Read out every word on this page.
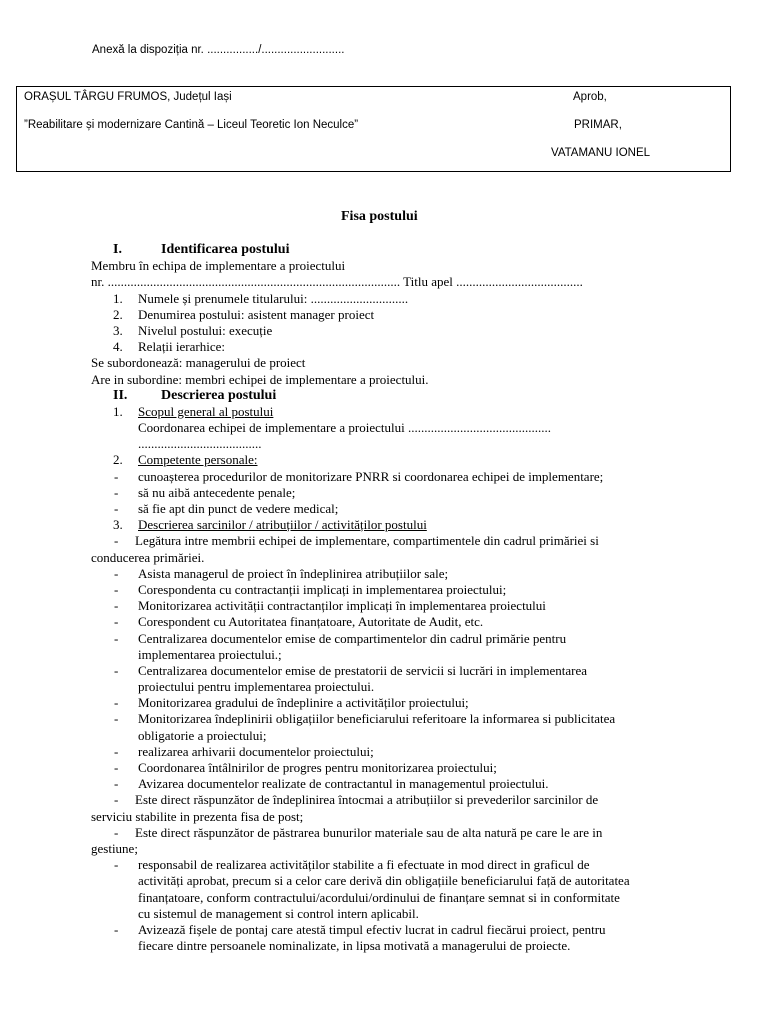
Anexă la dispoziția nr. ................/..........................
ORAȘUL TÂRGU FRUMOS, Județul Iași
”Reabilitare și modernizare Cantină – Liceul Teoretic Ion Neculce”
Aprob,
PRIMAR,
VATAMANU IONEL
Fisa postului
I.	Identificarea postului
Membru în echipa de implementare a proiectului
nr. .......................................................................................... Titlu apel .......................................
1. Numele și prenumele titularului: ..............................
2. Denumirea postului: asistent manager proiect
3. Nivelul postului: execuție
4. Relații ierarhice:
Se subordonează: managerului de proiect
Are in subordine: membri echipei de implementare a proiectului.
II. Descrierea postului
1. Scopul general al postului
Coordonarea echipei de implementare a proiectului ............................................
......................................
2. Competente personale:
- cunoașterea procedurilor de monitorizare PNRR si coordonarea echipei de implementare;
- să nu aibă antecedente penale;
- să fie apt din punct de vedere medical;
3. Descrierea sarcinilor / atribuțiilor / activităților postului
- Legătura intre membrii echipei de implementare, compartimentele din cadrul primăriei si
conducerea primăriei.
- Asista managerul de proiect în îndeplinirea atribuțiilor sale;
- Corespondenta cu contractanții implicați in implementarea proiectului;
- Monitorizarea activității contractanților implicați în implementarea proiectului
- Corespondent cu Autoritatea finanțatoare, Autoritate de Audit, etc.
- Centralizarea documentelor emise de compartimentelor din cadrul primărie pentru
implementarea proiectului.;
- Centralizarea documentelor emise de prestatorii de servicii si lucrări in implementarea
proiectului pentru implementarea proiectului.
- Monitorizarea gradului de îndeplinire a activităților proiectului;
- Monitorizarea îndeplinirii obligațiilor beneficiarului referitoare la informarea si publicitatea
obligatorie a proiectului;
- realizarea arhivarii documentelor proiectului;
- Coordonarea întâlnirilor de progres pentru monitorizarea proiectului;
- Avizarea documentelor realizate de contractantul in managementul proiectului.
- Este direct răspunzător de îndeplinirea întocmai a atribuțiilor si prevederilor sarcinilor de
serviciu stabilite in prezenta fisa de post;
- Este direct răspunzător de păstrarea bunurilor materiale sau de alta natură pe care le are in
gestiune;
- responsabil de realizarea activităților stabilite a fi efectuate in mod direct in graficul de
activități aprobat, precum si a celor care derivă din obligațiile beneficiarului față de autoritatea
finanțatoare, conform contractului/acordului/ordinului de finanțare semnat si in conformitate
cu sistemul de management si control intern aplicabil.
- Avizează fișele de pontaj care atestă timpul efectiv lucrat in cadrul fiecărui proiect, pentru
fiecare dintre persoanele nominalizate, in lipsa motivată a managerului de proiecte.
